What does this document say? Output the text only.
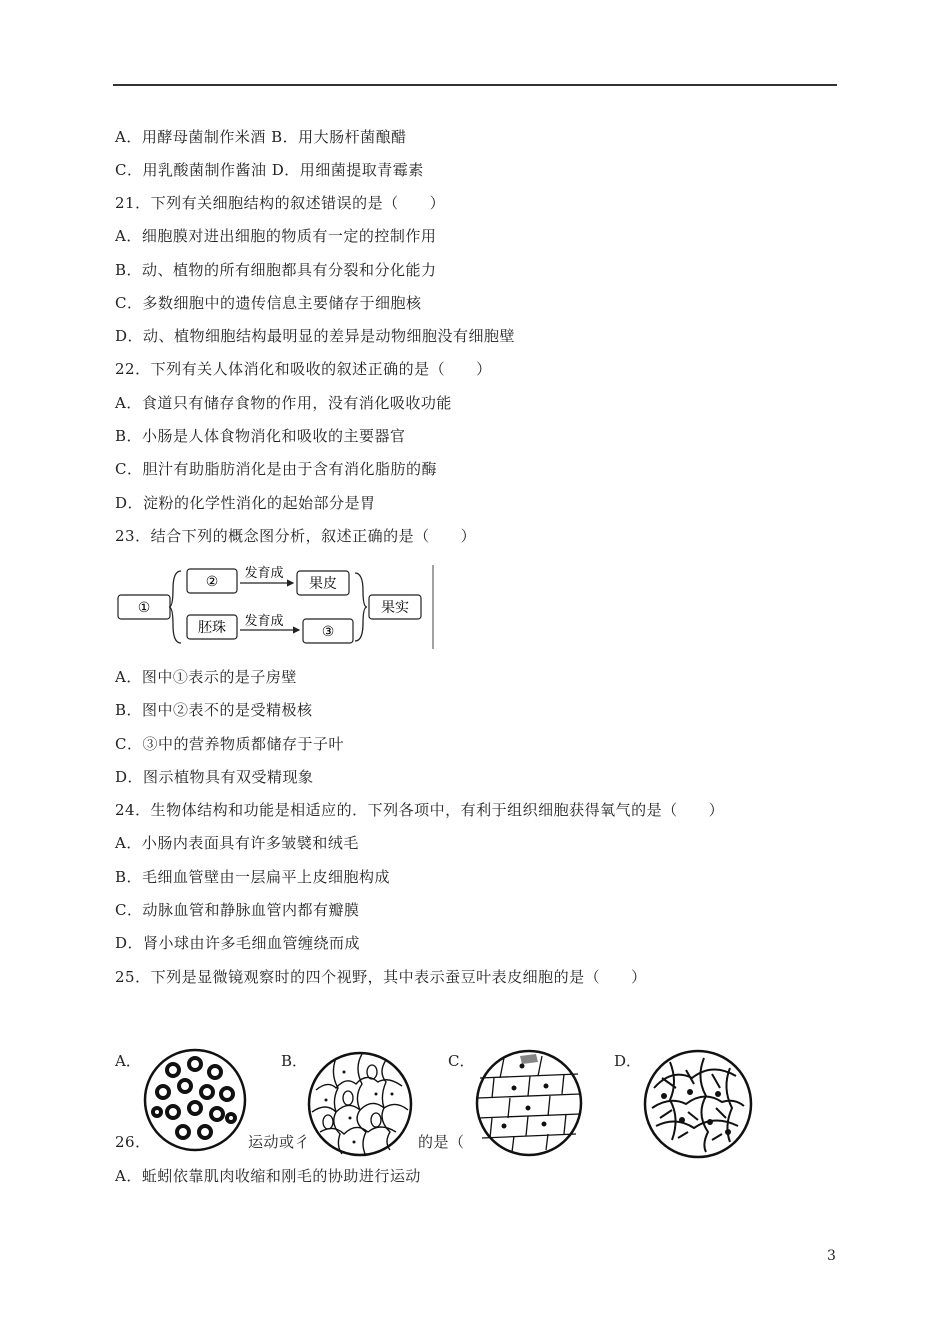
A．用酵母菌制作米酒 B．用大肠杆菌酿醋
C．用乳酸菌制作酱油 D．用细菌提取青霉素
21．下列有关细胞结构的叙述错误的是（　　）
A．细胞膜对进出细胞的物质有一定的控制作用
B．动、植物的所有细胞都具有分裂和分化能力
C．多数细胞中的遗传信息主要储存于细胞核
D．动、植物细胞结构最明显的差异是动物细胞没有细胞壁
22．下列有关人体消化和吸收的叙述正确的是（　　）
A．食道只有储存食物的作用，没有消化吸收功能
B．小肠是人体食物消化和吸收的主要器官
C．胆汁有助脂肪消化是由于含有消化脂肪的酶
D．淀粉的化学性消化的起始部分是胃
23．结合下列的概念图分析，叙述正确的是（　　）
①
②
胚珠
发育成
发育成
果皮
③
果实
A．图中①表示的是子房壁
B．图中②表不的是受精极核
C．③中的营养物质都储存于子叶
D．图示植物具有双受精现象
24．生物体结构和功能是相适应的．下列各项中，有利于组织细胞获得氧气的是（　　）
A．小肠内表面具有许多皱襞和绒毛
B．毛细血管壁由一层扁平上皮细胞构成
C．动脉血管和静脉血管内都有瓣膜
D．肾小球由许多毛细血管缠绕而成
25．下列是显微镜观察时的四个视野，其中表示蚕豆叶表皮细胞的是（　　）
A．	B．	C．	D．
26．	运动或彳	的是（
A．蚯蚓依靠肌肉收缩和刚毛的协助进行运动
3
